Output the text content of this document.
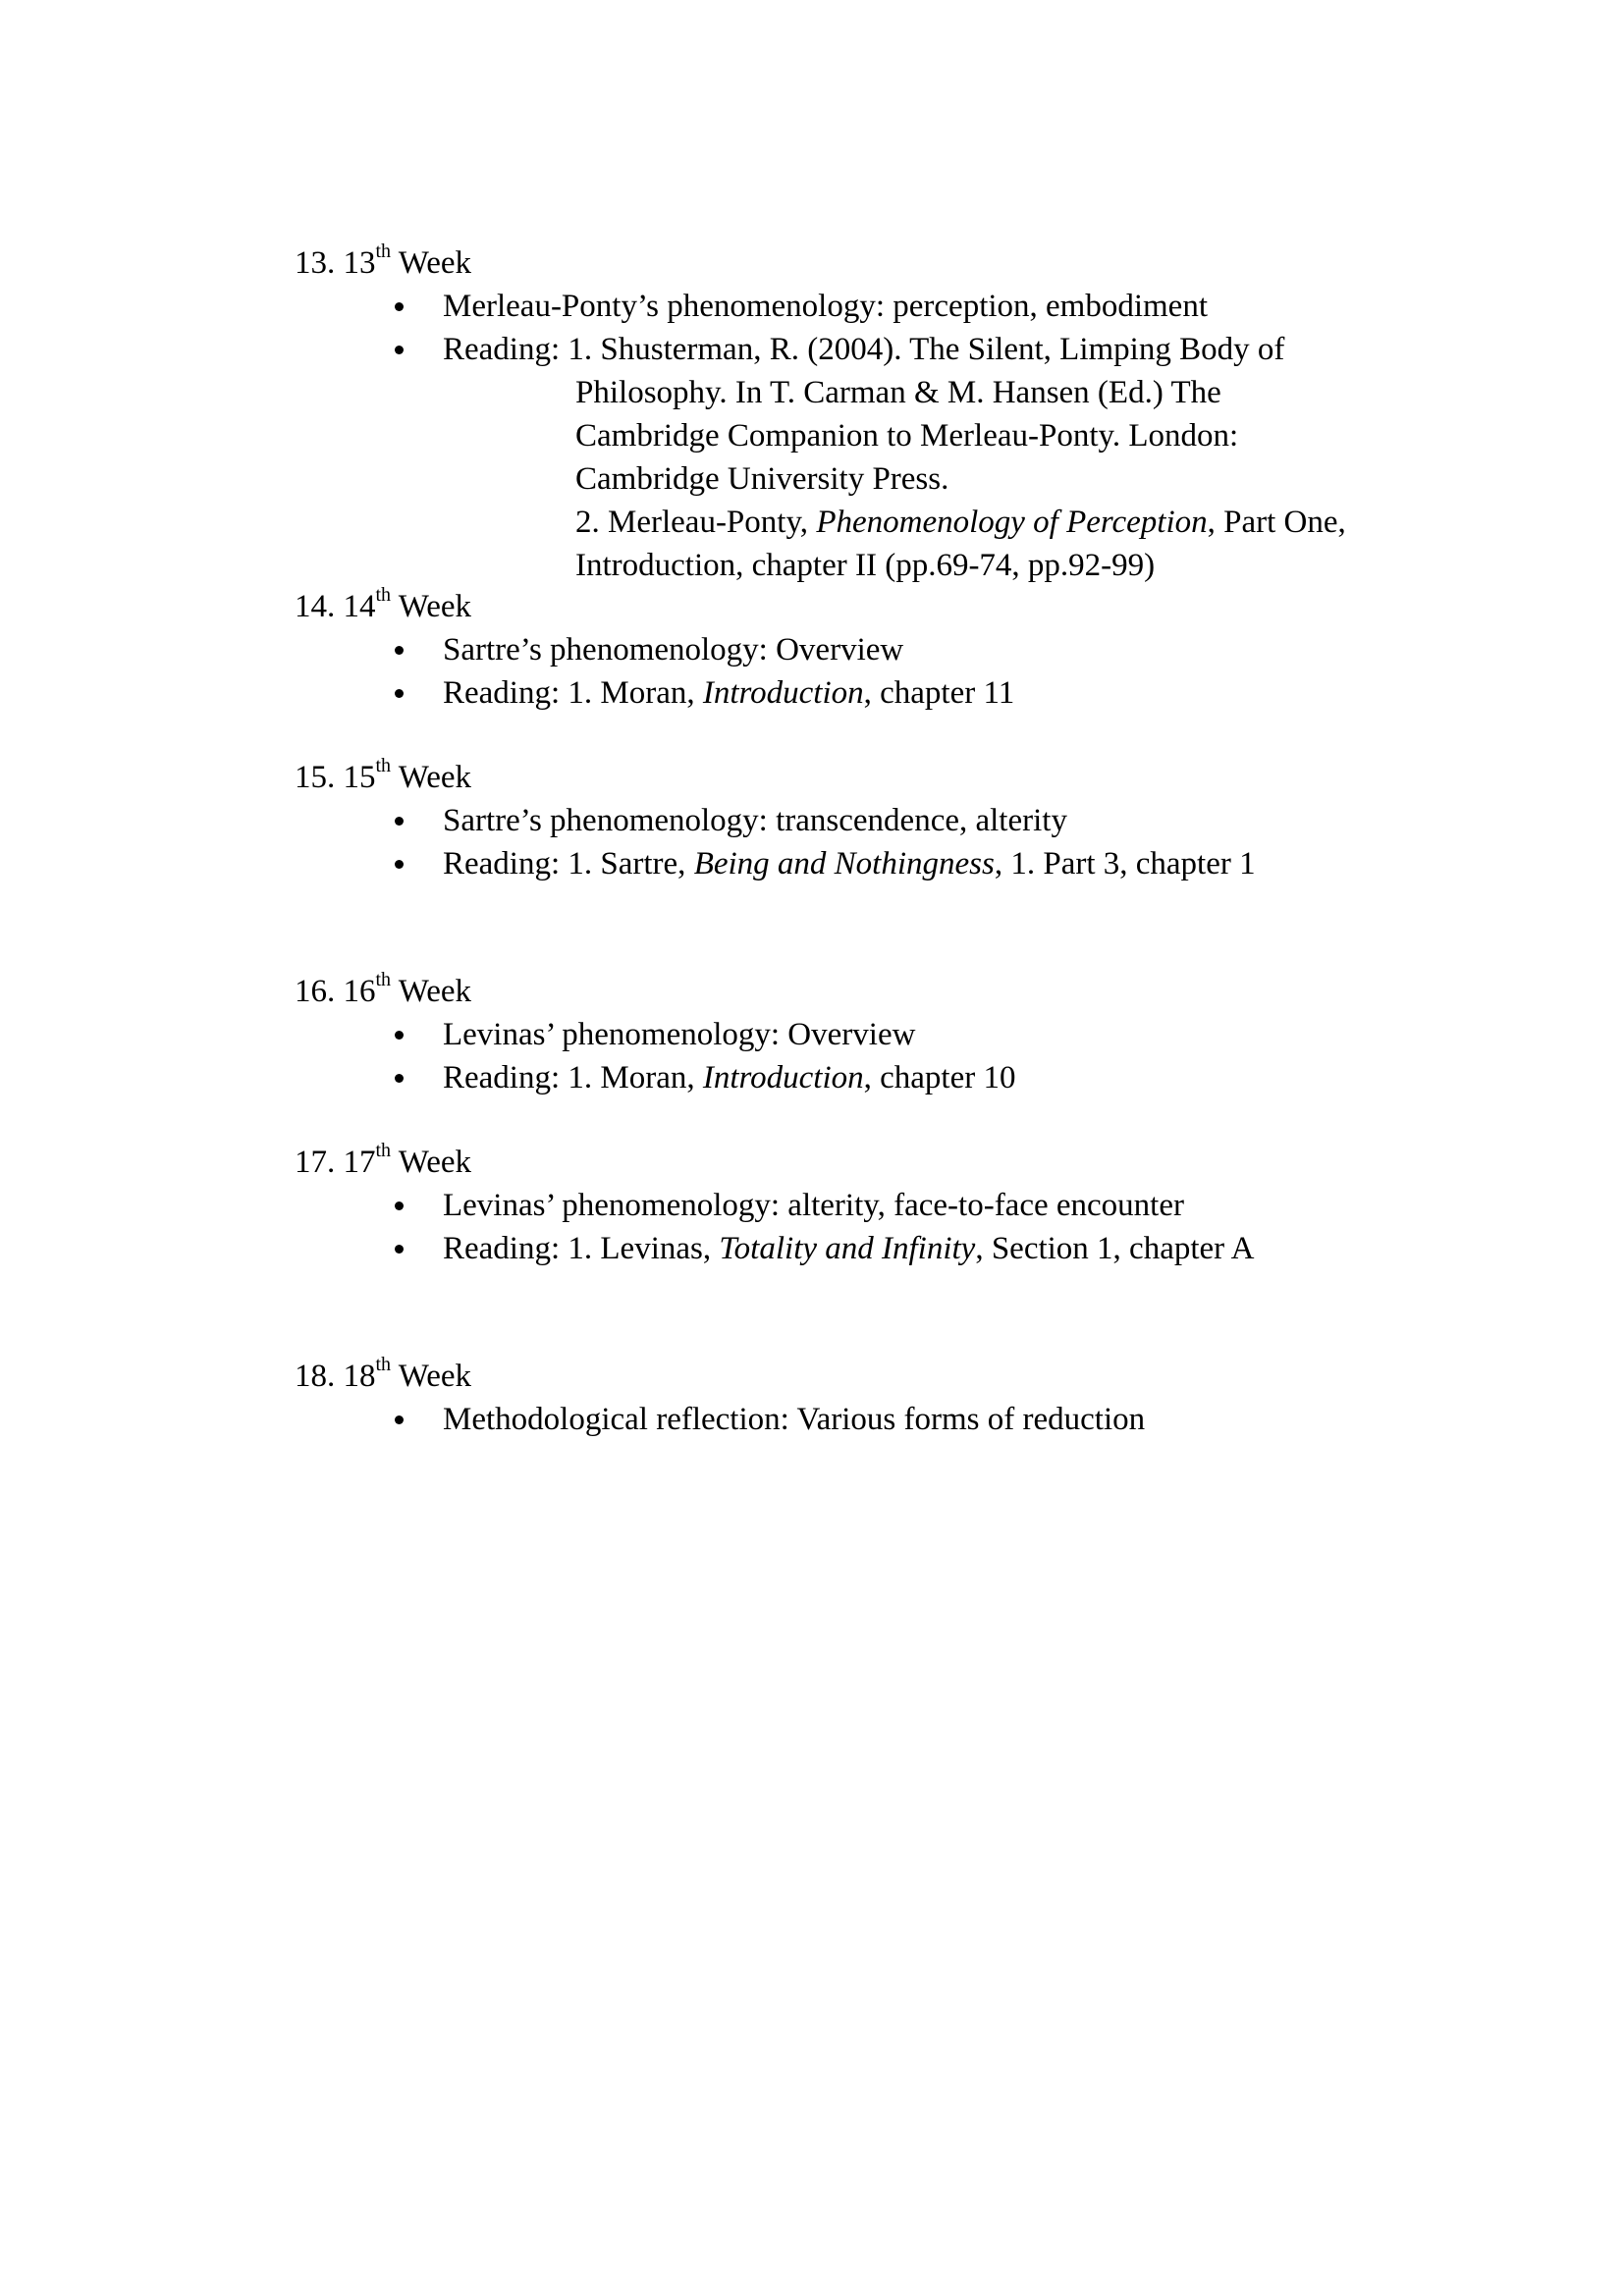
13. 13th Week
Merleau-Ponty’s phenomenology: perception, embodiment
Reading: 1. Shusterman, R. (2004). The Silent, Limping Body of
Philosophy. In T. Carman & M. Hansen (Ed.) The
Cambridge Companion to Merleau-Ponty. London:
Cambridge University Press.
2. Merleau-Ponty, Phenomenology of Perception, Part One,
Introduction, chapter II (pp.69-74, pp.92-99)
14. 14th Week
Sartre’s phenomenology: Overview
Reading: 1. Moran, Introduction, chapter 11
15. 15th Week
Sartre’s phenomenology: transcendence, alterity
Reading: 1. Sartre, Being and Nothingness, 1. Part 3, chapter 1
16. 16th Week
Levinas’ phenomenology: Overview
Reading: 1. Moran, Introduction, chapter 10
17. 17th Week
Levinas’ phenomenology: alterity, face-to-face encounter
Reading: 1. Levinas, Totality and Infinity, Section 1, chapter A
18. 18th Week
Methodological reflection: Various forms of reduction
